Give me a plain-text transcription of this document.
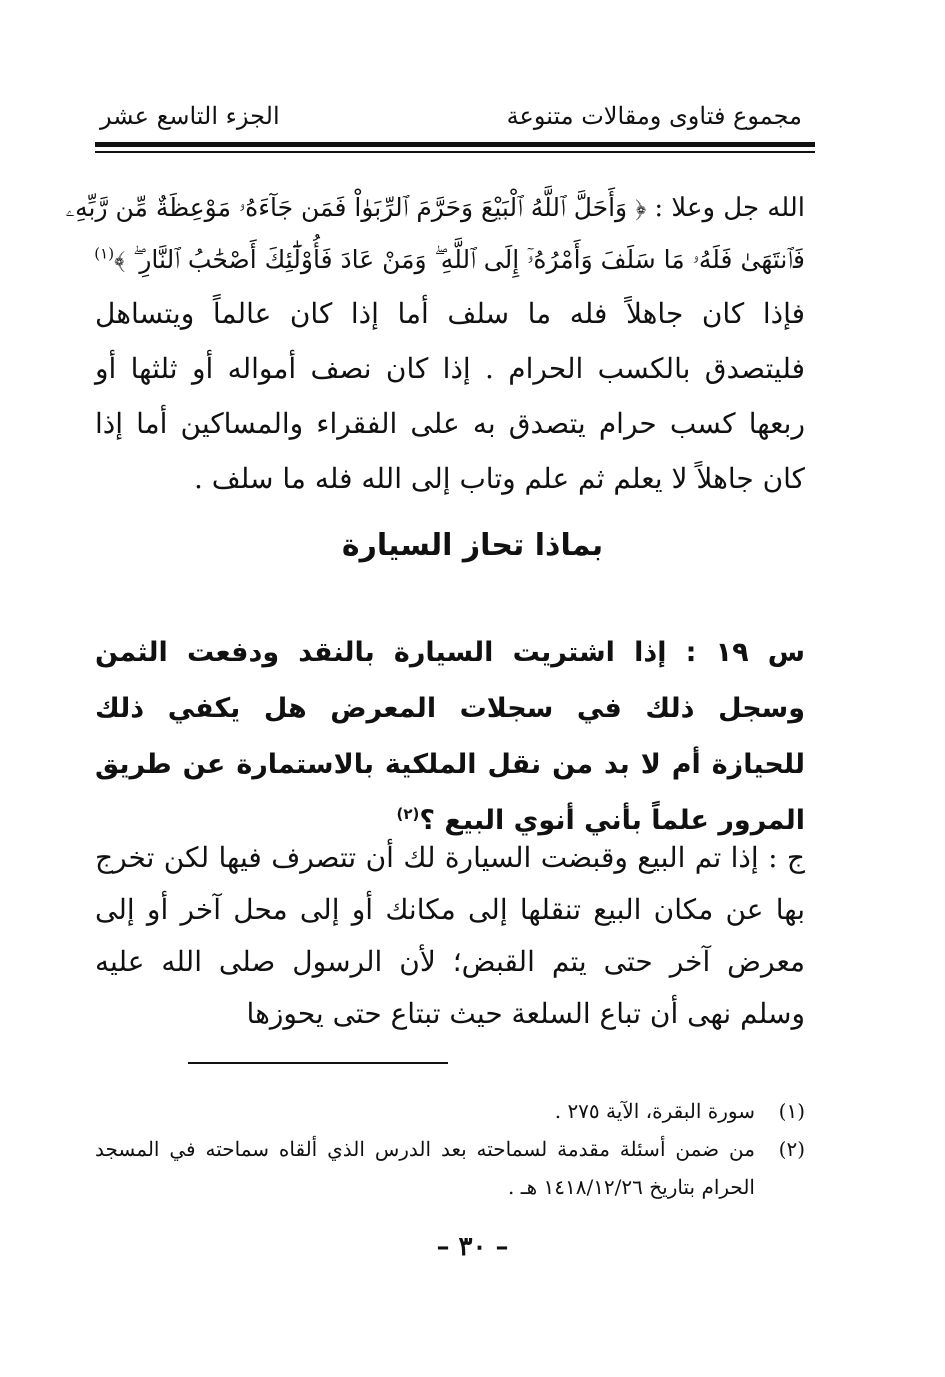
مجموع فتاوى ومقالات متنوعة
الجزء التاسع عشر
الله جل وعلا : ﴿ وَأَحَلَّ ٱللَّهُ ٱلْبَيْعَ وَحَرَّمَ ٱلرِّبَوٰاْ فَمَن جَآءَهُۥ مَوْعِظَةٌ مِّن رَّبِّهِۦ
فَٱنتَهَىٰ فَلَهُۥ مَا سَلَفَ وَأَمْرُهُۥٓ إِلَى ٱللَّهِ ۖ وَمَنْ عَادَ فَأُوْلَٰٓئِكَ أَصْحَٰبُ ٱلنَّارِ ۖ ﴾$^{(١)}$
فإذا كان جاهلاً فله ما سلف أما إذا كان عالماً ويتساهل فليتصدق بالكسب الحرام . إذا كان نصف أمواله أو ثلثها أو ربعها كسب حرام يتصدق به على الفقراء والمساكين أما إذا كان جاهلاً لا يعلم ثم علم وتاب إلى الله فله ما سلف .
بماذا تحاز السيارة
س ١٩ : إذا اشتريت السيارة بالنقد ودفعت الثمن وسجل ذلك في سجلات المعرض هل يكفي ذلك للحيازة أم لا بد من نقل الملكية بالاستمارة عن طريق المرور علماً بأني أنوي البيع ؟$^{(٢)}$
ج : إذا تم البيع وقبضت السيارة لك أن تتصرف فيها لكن تخرج بها عن مكان البيع تنقلها إلى مكانك أو إلى محل آخر أو إلى معرض آخر حتى يتم القبض؛ لأن الرسول صلى الله عليه وسلم نهى أن تباع السلعة حيث تبتاع حتى يحوزها
(١)
سورة البقرة، الآية ٢٧٥ .
(٢)
من ضمن أسئلة مقدمة لسماحته بعد الدرس الذي ألقاه سماحته في المسجد الحرام بتاريخ ١٤١٨/١٢/٢٦ هـ .
– ٣٠ –
